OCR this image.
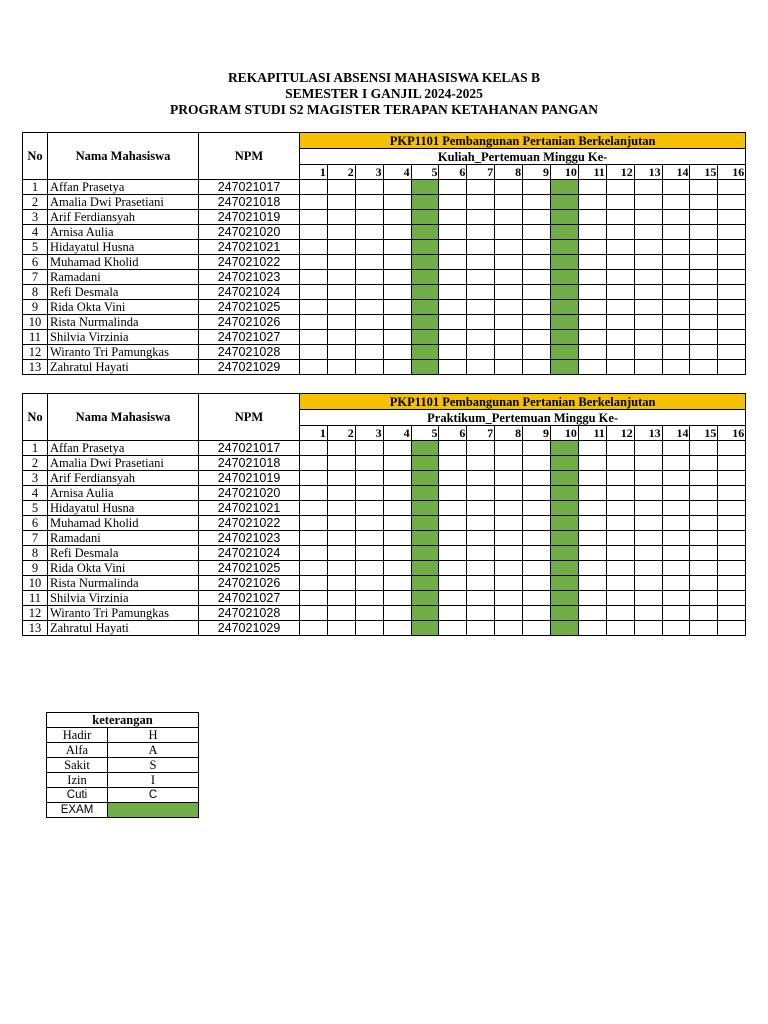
REKAPITULASI ABSENSI MAHASISWA KELAS B
SEMESTER I GANJIL 2024-2025
PROGRAM STUDI S2 MAGISTER TERAPAN KETAHANAN PANGAN
No	Nama Mahasiswa	NPM	PKP1101 Pembangunan Pertanian Berkelanjutan															
			Kuliah_Pertemuan Minggu Ke-															
			1	2	3	4	5	6	7	8	9	10	11	12	13	14	15	16
1	Affan Prasetya	247021017																
2	Amalia Dwi Prasetiani	247021018																
3	Arif Ferdiansyah	247021019																
4	Arnisa Aulia	247021020																
5	Hidayatul Husna	247021021																
6	Muhamad Kholid	247021022																
7	Ramadani	247021023																
8	Refi Desmala	247021024																
9	Rida Okta Vini	247021025																
10	Rista Nurmalinda	247021026																
11	Shilvia Virzinia	247021027																
12	Wiranto Tri Pamungkas	247021028																
13	Zahratul Hayati	247021029																
No	Nama Mahasiswa	NPM	PKP1101 Pembangunan Pertanian Berkelanjutan															
			Praktikum_Pertemuan Minggu Ke-															
			1	2	3	4	5	6	7	8	9	10	11	12	13	14	15	16
1	Affan Prasetya	247021017																
2	Amalia Dwi Prasetiani	247021018																
3	Arif Ferdiansyah	247021019																
4	Arnisa Aulia	247021020																
5	Hidayatul Husna	247021021																
6	Muhamad Kholid	247021022																
7	Ramadani	247021023																
8	Refi Desmala	247021024																
9	Rida Okta Vini	247021025																
10	Rista Nurmalinda	247021026																
11	Shilvia Virzinia	247021027																
12	Wiranto Tri Pamungkas	247021028																
13	Zahratul Hayati	247021029																
keterangan	
Hadir	H
Alfa	A
Sakit	S
Izin	I
Cuti	C
EXAM	
